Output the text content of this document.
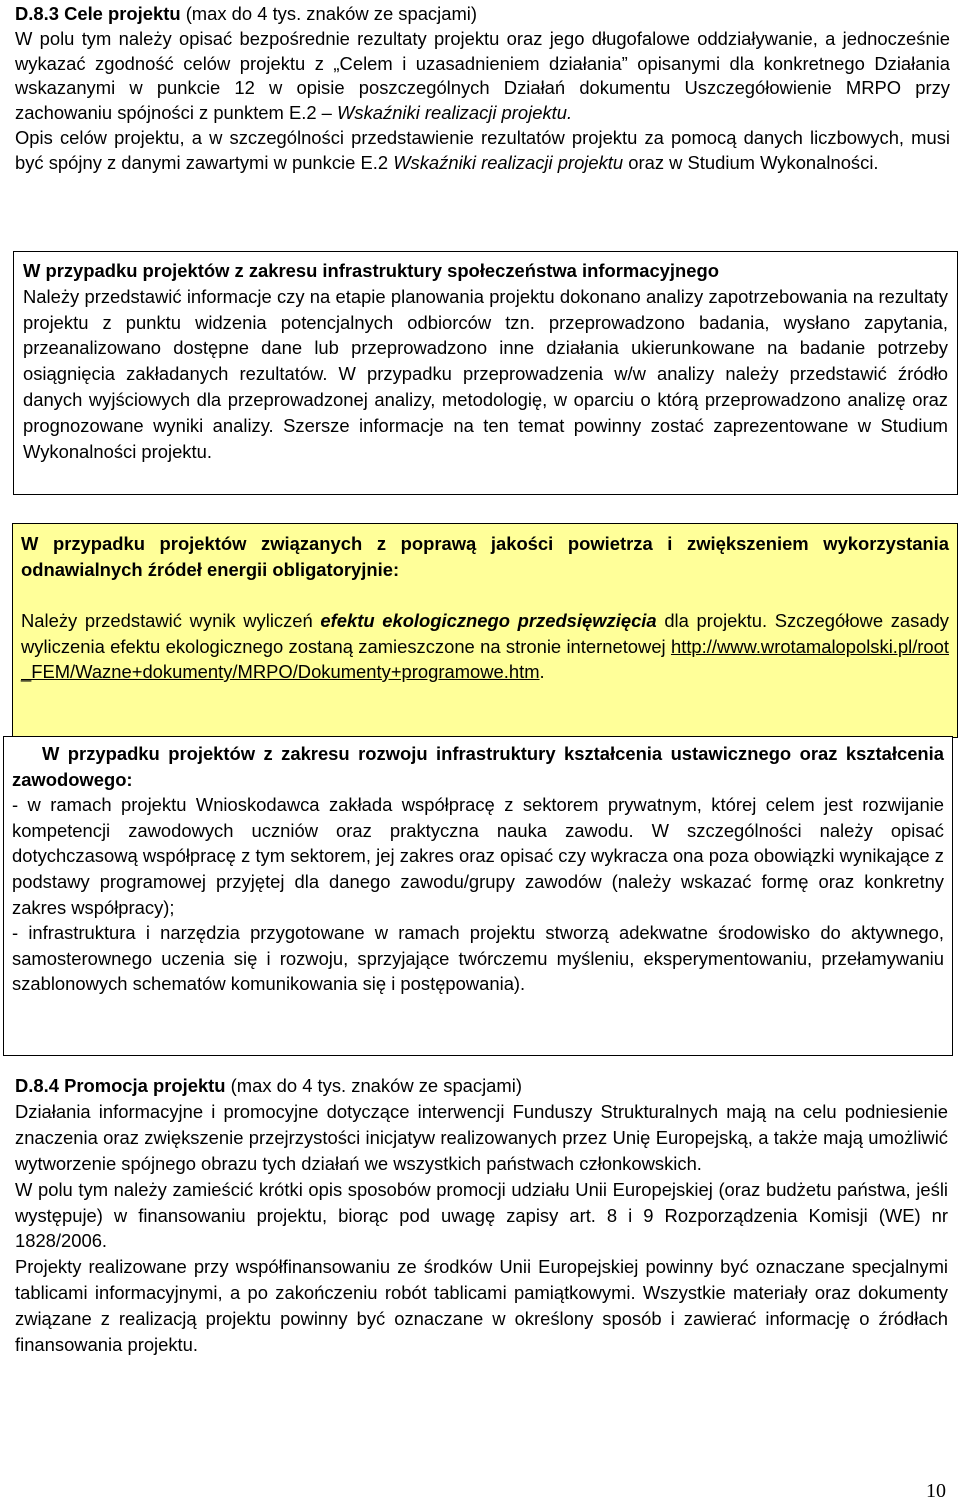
D.8.3 Cele projektu (max do 4 tys. znaków ze spacjami)

W polu tym należy opisać bezpośrednie rezultaty projektu oraz jego długofalowe oddziaływanie, a jednocześnie wykazać zgodność celów projektu z „Celem i uzasadnieniem działania” opisanymi dla konkretnego Działania wskazanymi w punkcie 12 w opisie poszczególnych Działań dokumentu Uszczegółowienie MRPO przy zachowaniu spójności z punktem E.2 – Wskaźniki realizacji projektu.

Opis celów projektu, a w szczególności przedstawienie rezultatów projektu za pomocą danych liczbowych, musi być spójny z danymi zawartymi w punkcie E.2 Wskaźniki realizacji projektu oraz w Studium Wykonalności.

W przypadku projektów z zakresu infrastruktury społeczeństwa informacyjnego

Należy przedstawić informacje czy na etapie planowania projektu dokonano analizy zapotrzebowania na rezultaty projektu z punktu widzenia potencjalnych odbiorców tzn. przeprowadzono badania, wysłano zapytania, przeanalizowano dostępne dane lub przeprowadzono inne działania ukierunkowane na badanie potrzeby osiągnięcia zakładanych rezultatów. W przypadku przeprowadzenia w/w analizy należy przedstawić źródło danych wyjściowych dla przeprowadzonej analizy, metodologię, w oparciu o którą przeprowadzono analizę oraz prognozowane wyniki analizy. Szersze informacje na ten temat powinny zostać zaprezentowane w Studium Wykonalności projektu.

W przypadku projektów związanych z poprawą jakości powietrza i zwiększeniem wykorzystania odnawialnych źródeł energii obligatoryjnie:

Należy przedstawić wynik wyliczeń efektu ekologicznego przedsięwzięcia dla projektu. Szczegółowe zasady wyliczenia efektu ekologicznego zostaną zamieszczone na stronie internetowej http://www.wrotamalopolski.pl/root_FEM/Wazne+dokumenty/MRPO/Dokumenty+programowe.htm.

W przypadku projektów z zakresu rozwoju infrastruktury kształcenia ustawicznego oraz kształcenia zawodowego:

- w ramach projektu Wnioskodawca zakłada współpracę z sektorem prywatnym, której celem jest rozwijanie kompetencji zawodowych uczniów oraz praktyczna nauka zawodu. W szczególności należy opisać dotychczasową współpracę z tym sektorem, jej zakres oraz opisać czy wykracza ona poza obowiązki wynikające z podstawy programowej przyjętej dla danego zawodu/grupy zawodów (należy wskazać formę oraz konkretny zakres współpracy);

- infrastruktura i narzędzia przygotowane w ramach projektu stworzą adekwatne środowisko do aktywnego, samosterownego uczenia się i rozwoju, sprzyjające twórczemu myśleniu, eksperymentowaniu, przełamywaniu szablonowych schematów komunikowania się i postępowania).

D.8.4 Promocja projektu (max do 4 tys. znaków ze spacjami)

Działania informacyjne i promocyjne dotyczące interwencji Funduszy Strukturalnych mają na celu podniesienie znaczenia oraz zwiększenie przejrzystości inicjatyw realizowanych przez Unię Europejską, a także mają umożliwić wytworzenie spójnego obrazu tych działań we wszystkich państwach członkowskich.

W polu tym należy zamieścić krótki opis sposobów promocji udziału Unii Europejskiej (oraz budżetu państwa, jeśli występuje) w finansowaniu projektu, biorąc pod uwagę zapisy art. 8 i 9 Rozporządzenia Komisji (WE) nr 1828/2006.

Projekty realizowane przy współfinansowaniu ze środków Unii Europejskiej powinny być oznaczane specjalnymi tablicami informacyjnymi, a po zakończeniu robót tablicami pamiątkowymi. Wszystkie materiały oraz dokumenty związane z realizacją projektu powinny być oznaczane w określony sposób i zawierać informację o źródłach finansowania projektu.

10
